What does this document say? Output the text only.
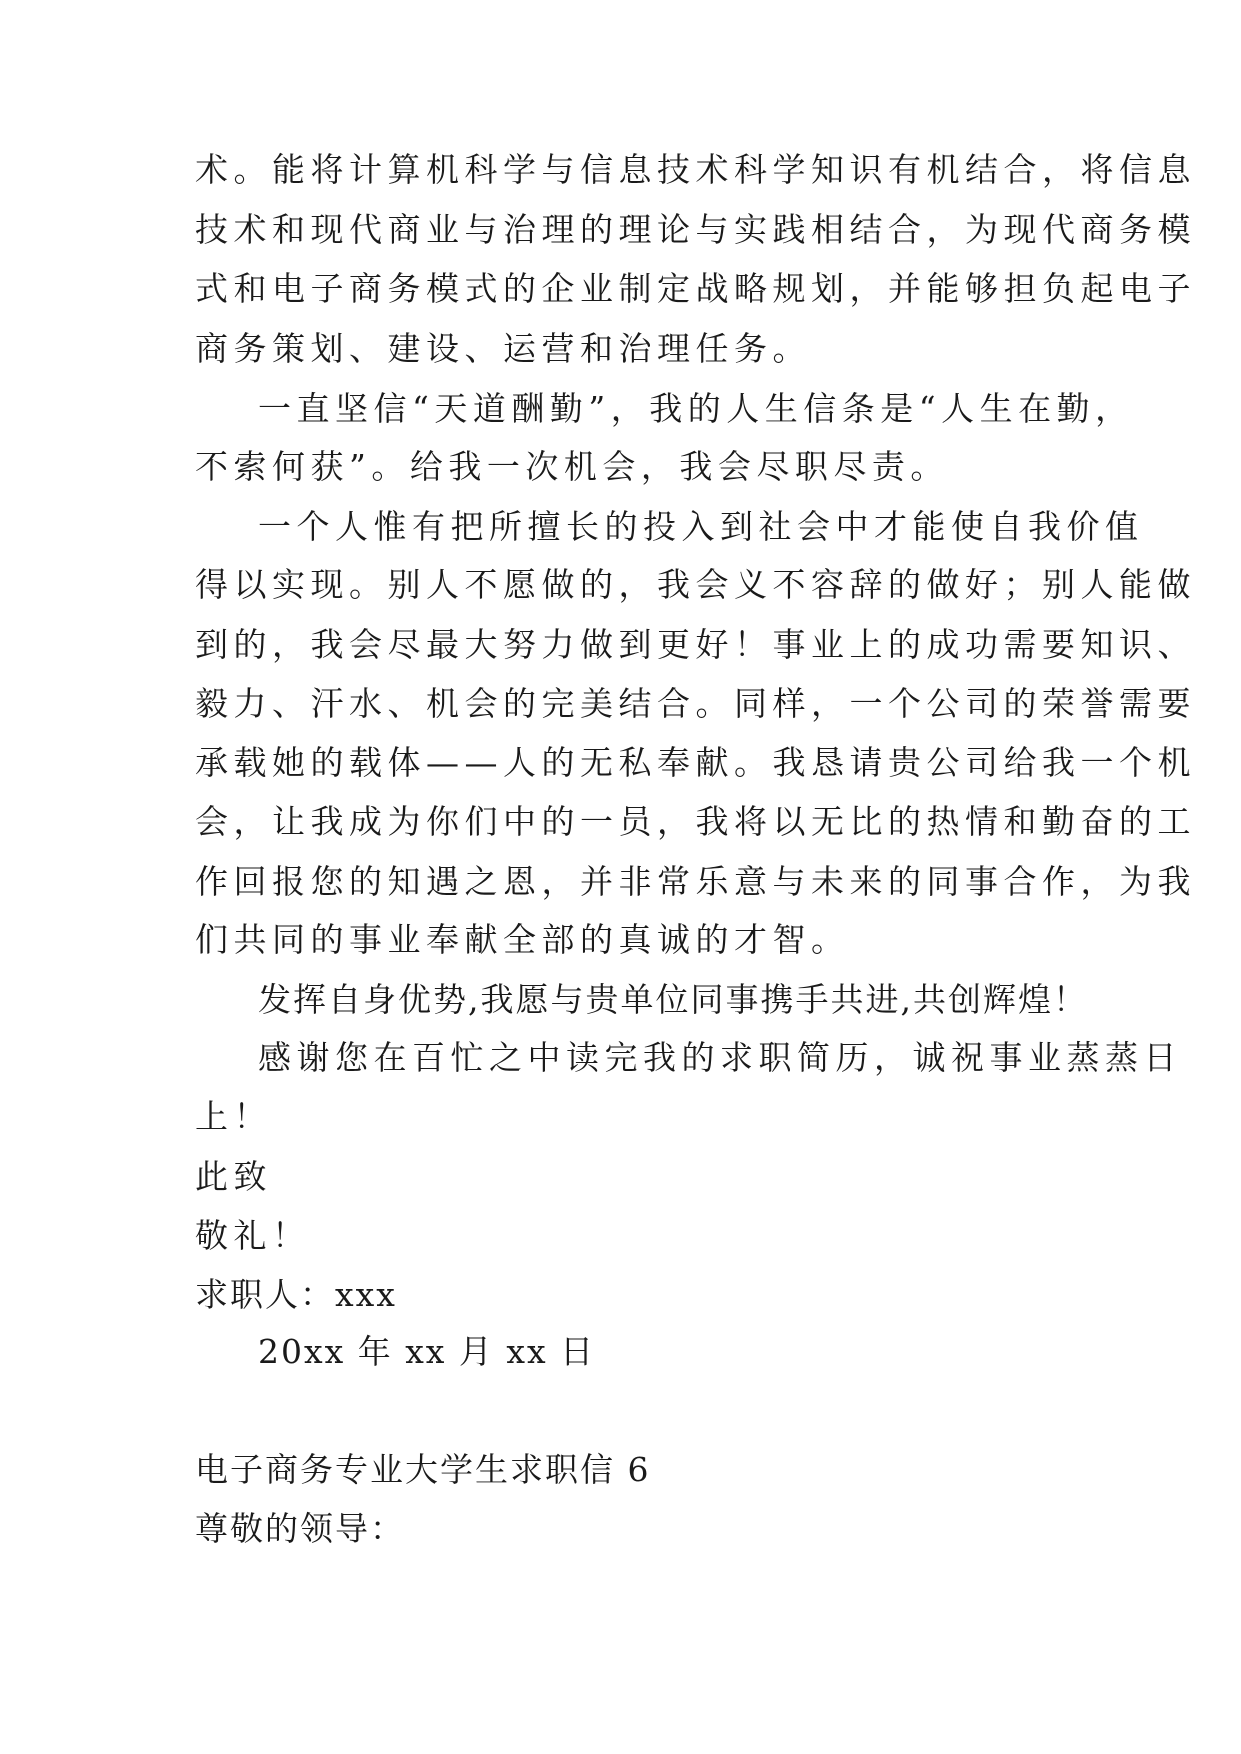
术。能将计算机科学与信息技术科学知识有机结合，将信息
技术和现代商业与治理的理论与实践相结合，为现代商务模
式和电子商务模式的企业制定战略规划，并能够担负起电子
商务策划、建设、运营和治理任务。
一直坚信“天道酬勤”，我的人生信条是“人生在勤，
不索何获”。给我一次机会，我会尽职尽责。
一个人惟有把所擅长的投入到社会中才能使自我价值
得以实现。别人不愿做的，我会义不容辞的做好；别人能做
到的，我会尽最大努力做到更好！事业上的成功需要知识、
毅力、汗水、机会的完美结合。同样，一个公司的荣誉需要
承载她的载体——人的无私奉献。我恳请贵公司给我一个机
会，让我成为你们中的一员，我将以无比的热情和勤奋的工
作回报您的知遇之恩，并非常乐意与未来的同事合作，为我
们共同的事业奉献全部的真诚的才智。
发挥自身优势,我愿与贵单位同事携手共进,共创辉煌！
感谢您在百忙之中读完我的求职简历，诚祝事业蒸蒸日
上！
此致
敬礼！
求职人：xxx
20xx 年 xx 月 xx 日
电子商务专业大学生求职信 6
尊敬的领导：
